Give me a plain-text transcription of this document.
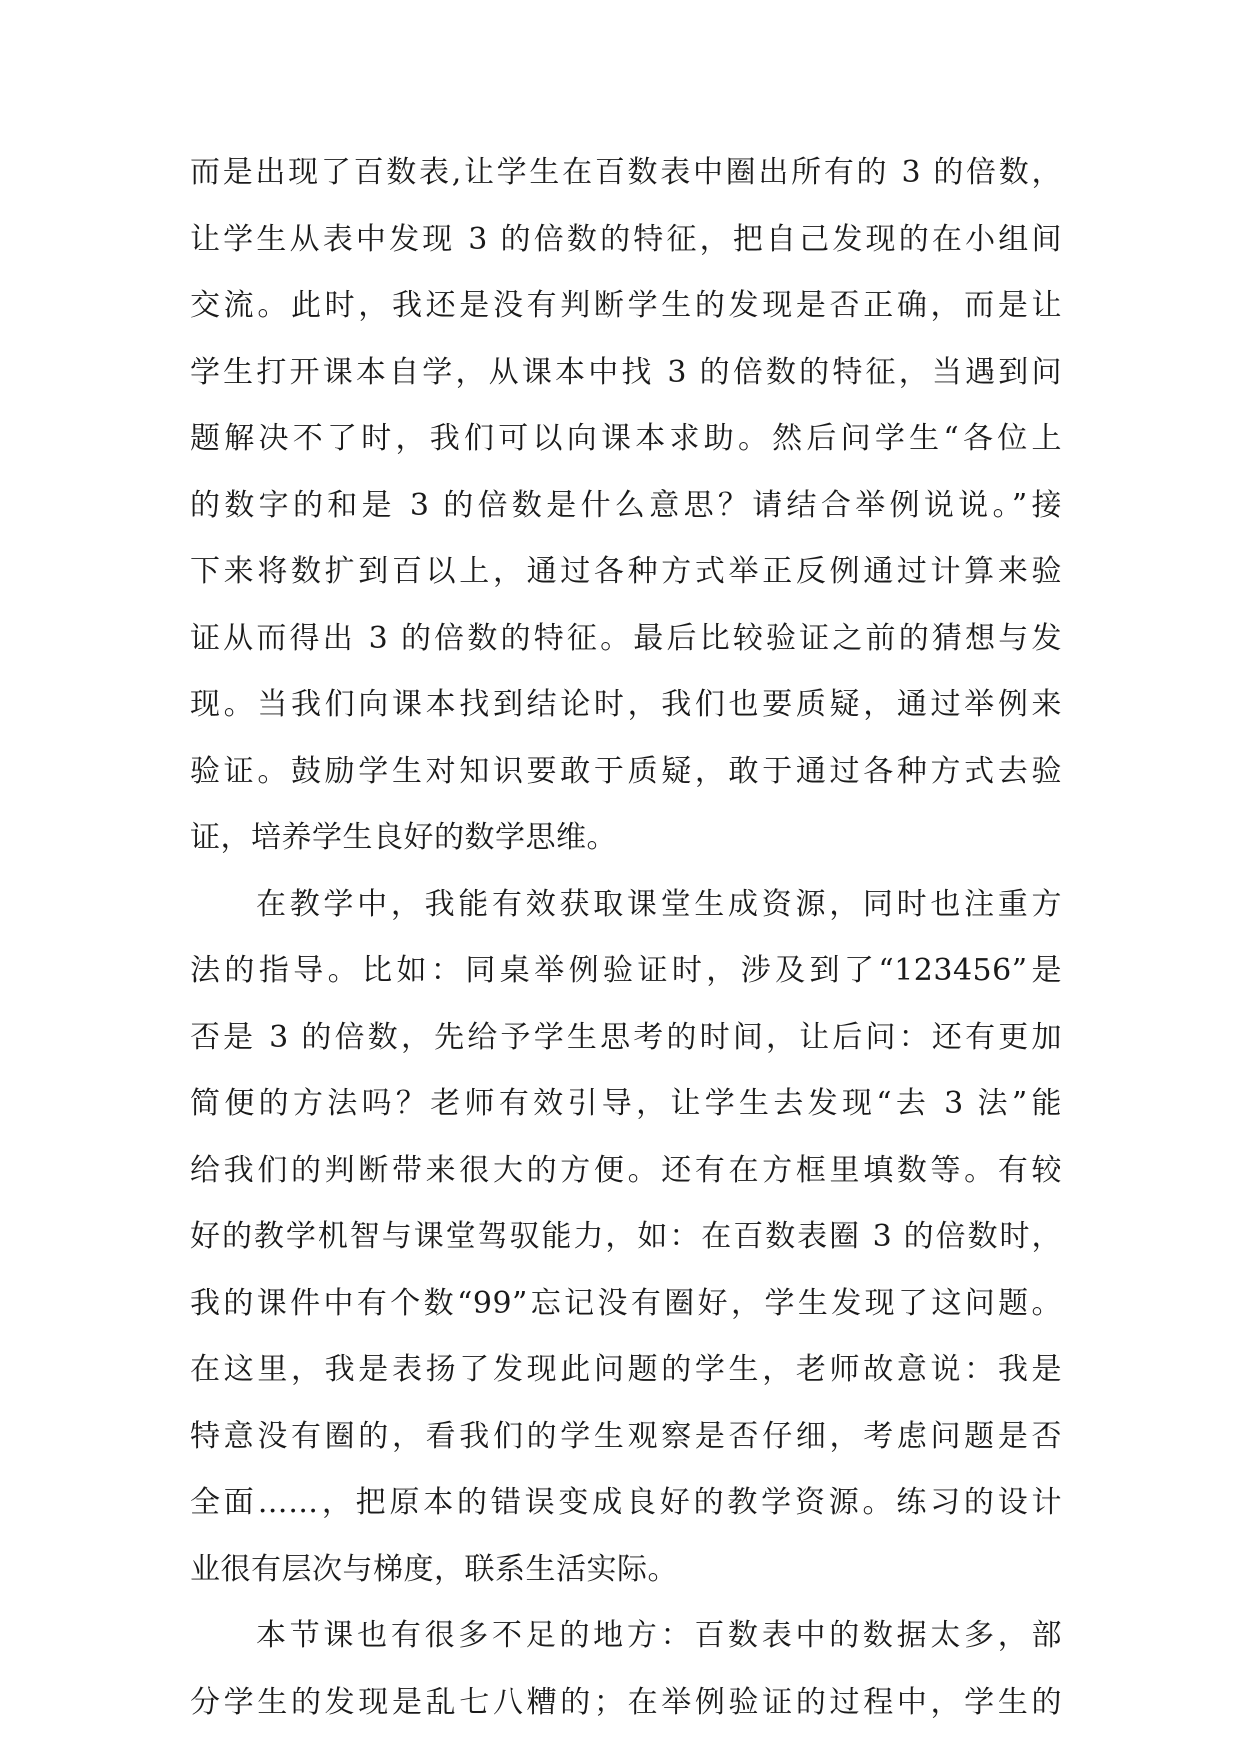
而是出现了百数表,让学生在百数表中圈出所有的 3 的倍数，
让学生从表中发现 3 的倍数的特征，把自己发现的在小组间
交流。此时，我还是没有判断学生的发现是否正确，而是让
学生打开课本自学，从课本中找 3 的倍数的特征，当遇到问
题解决不了时，我们可以向课本求助。然后问学生“各位上
的数字的和是 3 的倍数是什么意思？请结合举例说说。”接
下来将数扩到百以上，通过各种方式举正反例通过计算来验
证从而得出 3 的倍数的特征。最后比较验证之前的猜想与发
现。当我们向课本找到结论时，我们也要质疑，通过举例来
验证。鼓励学生对知识要敢于质疑，敢于通过各种方式去验
证，培养学生良好的数学思维。
在教学中，我能有效获取课堂生成资源，同时也注重方
法的指导。比如：同桌举例验证时，涉及到了“123456”是
否是 3 的倍数，先给予学生思考的时间，让后问：还有更加
简便的方法吗？老师有效引导，让学生去发现“去 3 法”能
给我们的判断带来很大的方便。还有在方框里填数等。有较
好的教学机智与课堂驾驭能力，如：在百数表圈 3 的倍数时，
我的课件中有个数“99”忘记没有圈好，学生发现了这问题。
在这里，我是表扬了发现此问题的学生，老师故意说：我是
特意没有圈的，看我们的学生观察是否仔细，考虑问题是否
全面……，把原本的错误变成良好的教学资源。练习的设计
业很有层次与梯度，联系生活实际。
本节课也有很多不足的地方：百数表中的数据太多，部
分学生的发现是乱七八糟的；在举例验证的过程中，学生的
